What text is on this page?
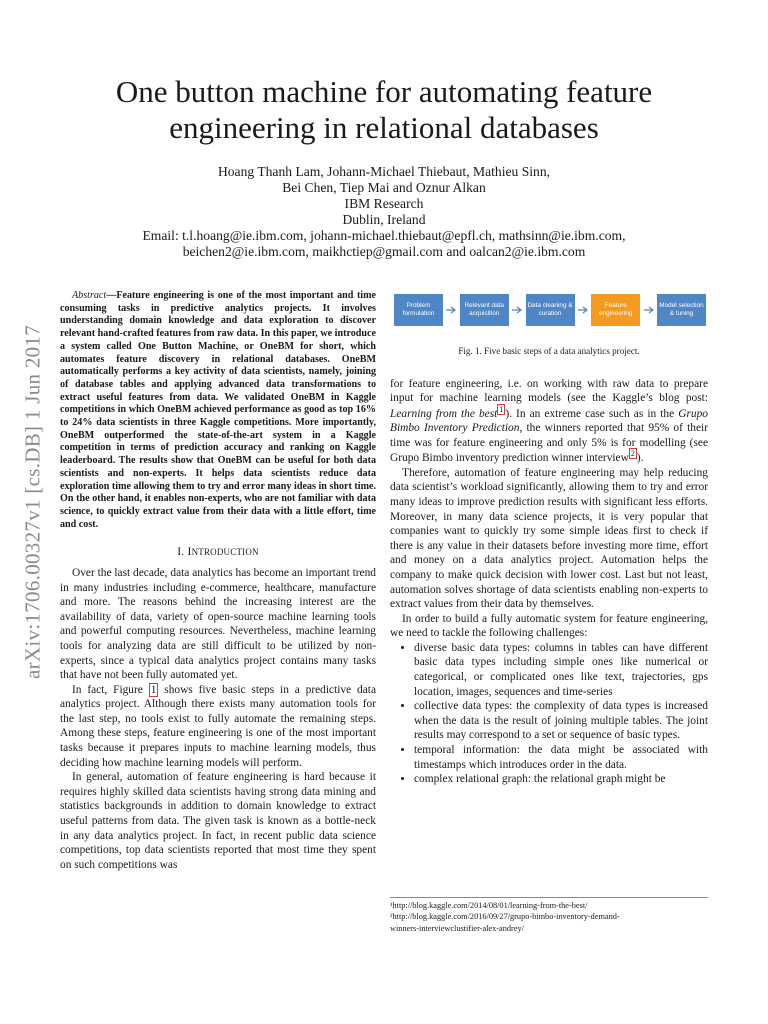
arXiv:1706.00327v1 [cs.DB] 1 Jun 2017
One button machine for automating feature
engineering in relational databases
Hoang Thanh Lam, Johann-Michael Thiebaut, Mathieu Sinn,
Bei Chen, Tiep Mai and Oznur Alkan
IBM Research
Dublin, Ireland
Email: t.l.hoang@ie.ibm.com, johann-michael.thiebaut@epfl.ch, mathsinn@ie.ibm.com,
beichen2@ie.ibm.com, maikhctiep@gmail.com and oalcan2@ie.ibm.com
Abstract—Feature engineering is one of the most important and time consuming tasks in predictive analytics projects. It involves understanding domain knowledge and data exploration to discover relevant hand-crafted features from raw data. In this paper, we introduce a system called One Button Machine, or OneBM for short, which automates feature discovery in relational databases. OneBM automatically performs a key activity of data scientists, namely, joining of database tables and applying advanced data transformations to extract useful features from data. We validated OneBM in Kaggle competitions in which OneBM achieved performance as good as top 16% to 24% data scientists in three Kaggle competitions. More importantly, OneBM outperformed the state-of-the-art system in a Kaggle competition in terms of prediction accuracy and ranking on Kaggle leaderboard. The results show that OneBM can be useful for both data scientists and non-experts. It helps data scientists reduce data exploration time allowing them to try and error many ideas in short time. On the other hand, it enables non-experts, who are not familiar with data science, to quickly extract value from their data with a little effort, time and cost.
I. INTRODUCTION

Over the last decade, data analytics has become an important trend in many industries including e-commerce, healthcare, manufacture and more. The reasons behind the increasing interest are the availability of data, variety of open-source machine learning tools and powerful computing resources. Nevertheless, machine learning tools for analyzing data are still difficult to be utilized by non-experts, since a typical data analytics project contains many tasks that have not been fully automated yet.

In fact, Figure 1 shows five basic steps in a predictive data analytics project. Although there exists many automation tools for the last step, no tools exist to fully automate the remaining steps. Among these steps, feature engineering is one of the most important tasks because it prepares inputs to machine learning models, thus deciding how machine learning models will perform.

In general, automation of feature engineering is hard because it requires highly skilled data scientists having strong data mining and statistics backgrounds in addition to domain knowledge to extract useful patterns from data. The given task is known as a bottle-neck in any data analytics project. In fact, in recent public data science competitions, top data scientists reported that most time they spent on such competitions was

Problem formulation
Relevant data acquisition
Data cleaning & curation
Feature engineering
Model selection & tuning
Fig. 1. Five basic steps of a data analytics project.

for feature engineering, i.e. on working with raw data to prepare input for machine learning models (see the Kaggle’s blog post: Learning from the best $^1$ ). In an extreme case such as in the Grupo Bimbo Inventory Prediction, the winners reported that 95% of their time was for feature engineering and only 5% is for modelling (see Grupo Bimbo inventory prediction winner interview $^2$ ).

Therefore, automation of feature engineering may help reducing data scientist’s workload significantly, allowing them to try and error many ideas to improve prediction results with significant less efforts. Moreover, in many data science projects, it is very popular that companies want to quickly try some simple ideas first to check if there is any value in their datasets before investing more time, effort and money on a data analytics project. Automation helps the company to make quick decision with lower cost. Last but not least, automation solves shortage of data scientists enabling non-experts to extract values from their data by themselves.

In order to build a fully automatic system for feature engineering, we need to tackle the following challenges:

• diverse basic data types: columns in tables can have different basic data types including simple ones like numerical or categorical, or complicated ones like text, trajectories, gps location, images, sequences and time-series
• collective data types: the complexity of data types is increased when the data is the result of joining multiple tables. The joint results may correspond to a set or sequence of basic types.
• temporal information: the data might be associated with timestamps which introduces order in the data.
• complex relational graph: the relational graph might be
¹http://blog.kaggle.com/2014/08/01/learning-from-the-best/
²http://blog.kaggle.com/2016/09/27/grupo-bimbo-inventory-demand-
winners-interviewclustifier-alex-andrey/
